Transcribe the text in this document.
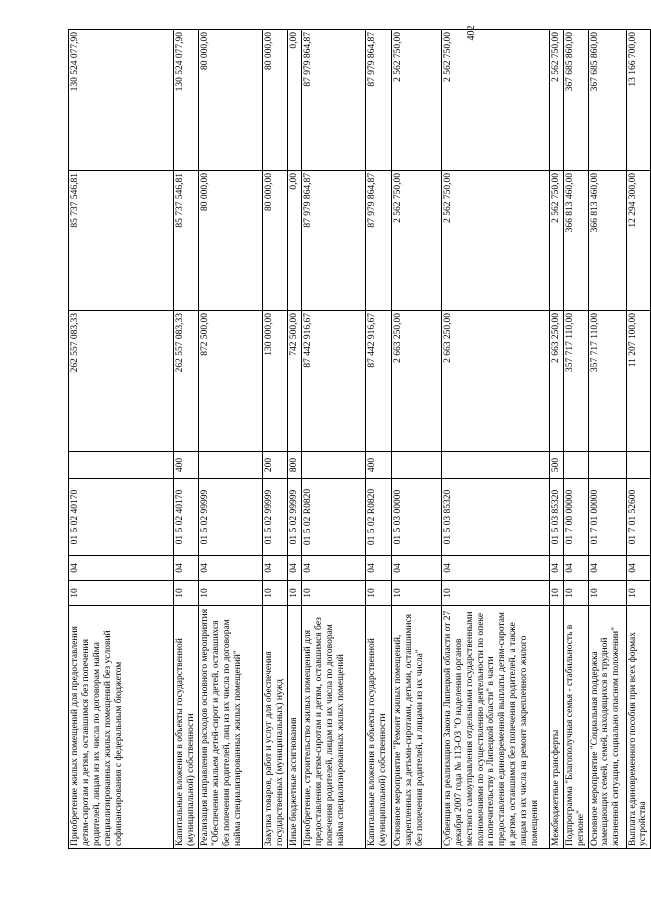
402
Приобретение жилых помещений для предоставления детям-сиротам и детям, оставшимся без попечения родителей, лицам из их числа по договорам найма специализированных жилых помещений без условий софинансирования с федеральным бюджетом	10	04	01 5 02 40170		262 557 083,33	85 737 546,81	130 524 077,90
Капитальные вложения в объекты государственной (муниципальной) собственности	10	04	01 5 02 40170	400	262 557 083,33	85 737 546,81	130 524 077,90
Реализация направления расходов основного мероприятия "Обеспечение жильем детей-сирот и детей, оставшихся без попечения родителей, лиц из их числа по договорам найма специализированных жилых помещений"	10	04	01 5 02 99999		872 500,00	80 000,00	80 000,00
Закупка товаров, работ и услуг для обеспечения государственных (муниципальных) нужд	10	04	01 5 02 99999	200	130 000,00	80 000,00	80 000,00
Иные бюджетные ассигнования	10	04	01 5 02 99999	800	742 500,00	0,00	0,00
Приобретение, строительство жилых помещений для предоставления детям-сиротам и детям, оставшимся без попечения родителей, лицам из их числа по договорам найма специализированных жилых помещений	10	04	01 5 02 R0820		87 442 916,67	87 979 864,87	87 979 864,87
Капитальные вложения в объекты государственной (муниципальной) собственности	10	04	01 5 02 R0820	400	87 442 916,67	87 979 864,87	87 979 864,87
Основное мероприятие "Ремонт жилых помещений, закрепленных за детьми-сиротами, детьми, оставшимися без попечения родителей, и лицами из их числа"	10	04	01 5 03 00000		2 663 250,00	2 562 750,00	2 562 750,00
Субвенция на реализацию Закона Липецкой области от 27 декабря 2007 года № 113-ОЗ "О наделении органов местного самоуправления отдельными государственными полномочиями по осуществлению деятельности по опеке и попечительству в Липецкой области" в части предоставления единовременной выплаты детям-сиротам и детям, оставшимся без попечения родителей, а также лицам из их числа на ремонт закрепленного жилого помещения	10	04	01 5 03 85320		2 663 250,00	2 562 750,00	2 562 750,00
Межбюджетные трансферты	10	04	01 5 03 85320	500	2 663 250,00	2 562 750,00	2 562 750,00
Подпрограмма "Благополучная семья - стабильность в регионе"	10	04	01 7 00 00000		357 717 110,00	366 813 460,00	367 685 860,00
Основное мероприятие "Социальная поддержка замещающих семей, семей, находящихся в трудной жизненной ситуации, социально опасном положении"	10	04	01 7 01 00000		357 717 110,00	366 813 460,00	367 685 860,00
Выплата единовременного пособия при всех формах устройства	10	04	01 7 01 52600		11 207 100,00	12 294 300,00	13 166 700,00
